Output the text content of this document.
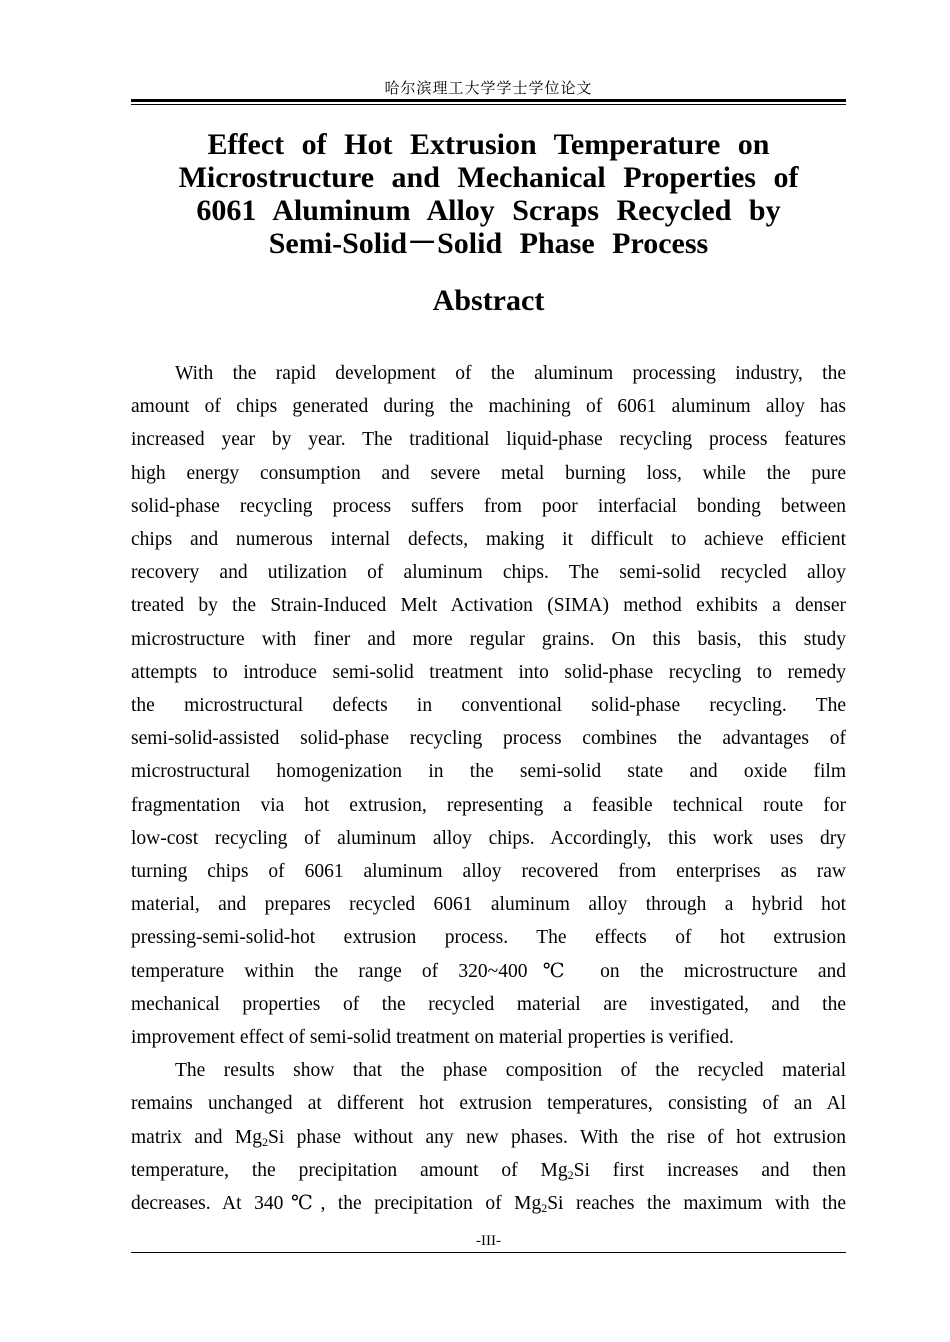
哈尔滨理工大学学士学位论文
Effect of Hot Extrusion Temperature on
Microstructure and Mechanical Properties of
6061 Aluminum Alloy Scraps Recycled by
Semi-Solid－Solid Phase Process
Abstract
With the rapid development of the aluminum processing industry, the
amount of chips generated during the machining of 6061 aluminum alloy has
increased year by year. The traditional liquid-phase recycling process features
high energy consumption and severe metal burning loss, while the pure
solid-phase recycling process suffers from poor interfacial bonding between
chips and numerous internal defects, making it difficult to achieve efficient
recovery and utilization of aluminum chips. The semi-solid recycled alloy
treated by the Strain-Induced Melt Activation (SIMA) method exhibits a denser
microstructure with finer and more regular grains. On this basis, this study
attempts to introduce semi-solid treatment into solid-phase recycling to remedy
the microstructural defects in conventional solid-phase recycling. The
semi-solid-assisted solid-phase recycling process combines the advantages of
microstructural homogenization in the semi-solid state and oxide film
fragmentation via hot extrusion, representing a feasible technical route for
low-cost recycling of aluminum alloy chips. Accordingly, this work uses dry
turning chips of 6061 aluminum alloy recovered from enterprises as raw
material, and prepares recycled 6061 aluminum alloy through a hybrid hot
pressing-semi-solid-hot extrusion process. The effects of hot extrusion
temperature within the range of 320~400℃ on the microstructure and
mechanical properties of the recycled material are investigated, and the
improvement effect of semi-solid treatment on material properties is verified.
The results show that the phase composition of the recycled material
remains unchanged at different hot extrusion temperatures, consisting of an Al
matrix and $Mg_2Si$ phase without any new phases. With the rise of hot extrusion
temperature, the precipitation amount of $Mg_2Si$ first increases and then
decreases. At 340℃, the precipitation of $Mg_2Si$ reaches the maximum with the
-III-
